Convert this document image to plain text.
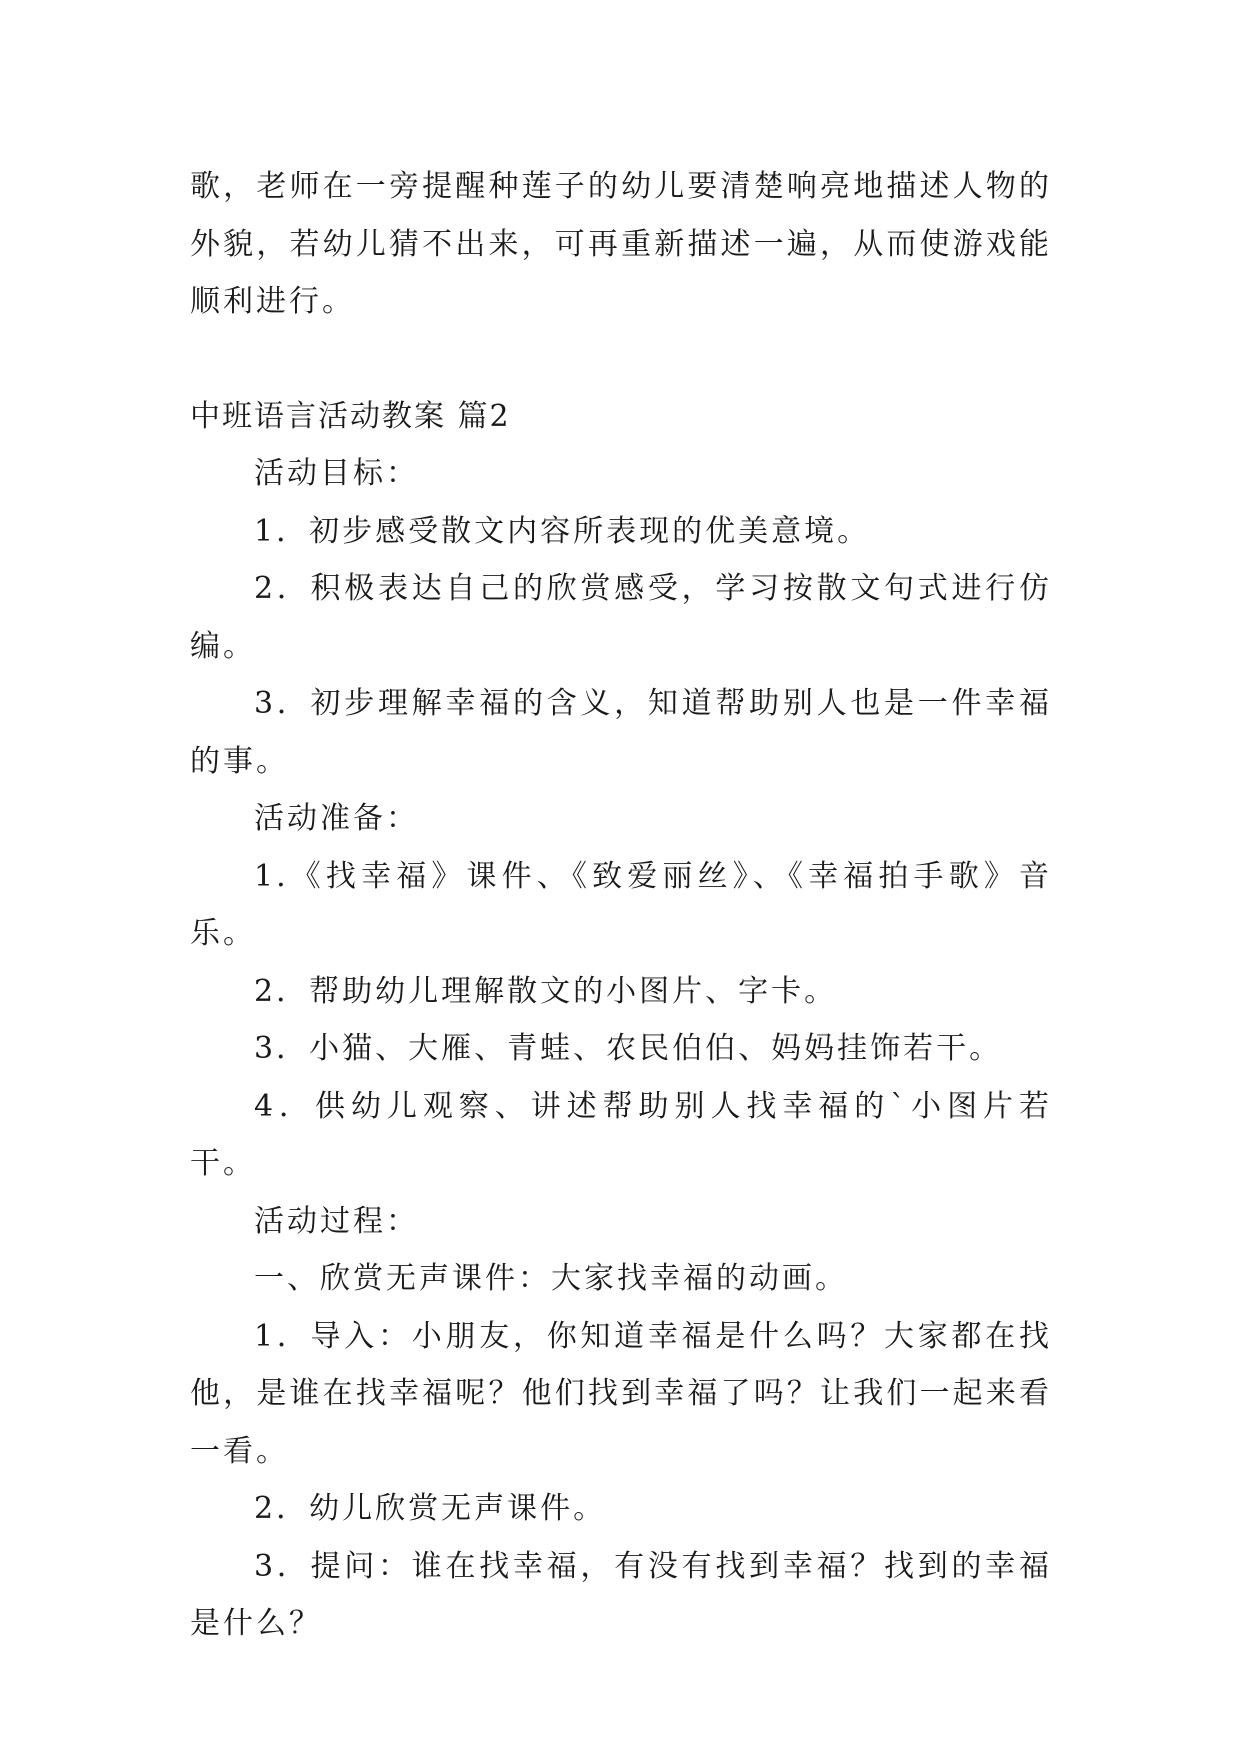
歌，老师在一旁提醒种莲子的幼儿要清楚响亮地描述人物的外貌，若幼儿猜不出来，可再重新描述一遍，从而使游戏能顺利进行。

中班语言活动教案 篇2

活动目标：

1．初步感受散文内容所表现的优美意境。

2．积极表达自己的欣赏感受，学习按散文句式进行仿编。

3．初步理解幸福的含义，知道帮助别人也是一件幸福的事。

活动准备：

1.《找幸福》课件、《致爱丽丝》、《幸福拍手歌》音乐。

2．帮助幼儿理解散文的小图片、字卡。

3．小猫、大雁、青蛙、农民伯伯、妈妈挂饰若干。

4．供幼儿观察、讲述帮助别人找幸福的`小图片若干。

活动过程：

一、欣赏无声课件：大家找幸福的动画。

1．导入：小朋友，你知道幸福是什么吗？大家都在找他，是谁在找幸福呢？他们找到幸福了吗？让我们一起来看一看。

2．幼儿欣赏无声课件。

3．提问：谁在找幸福，有没有找到幸福？找到的幸福是什么？
